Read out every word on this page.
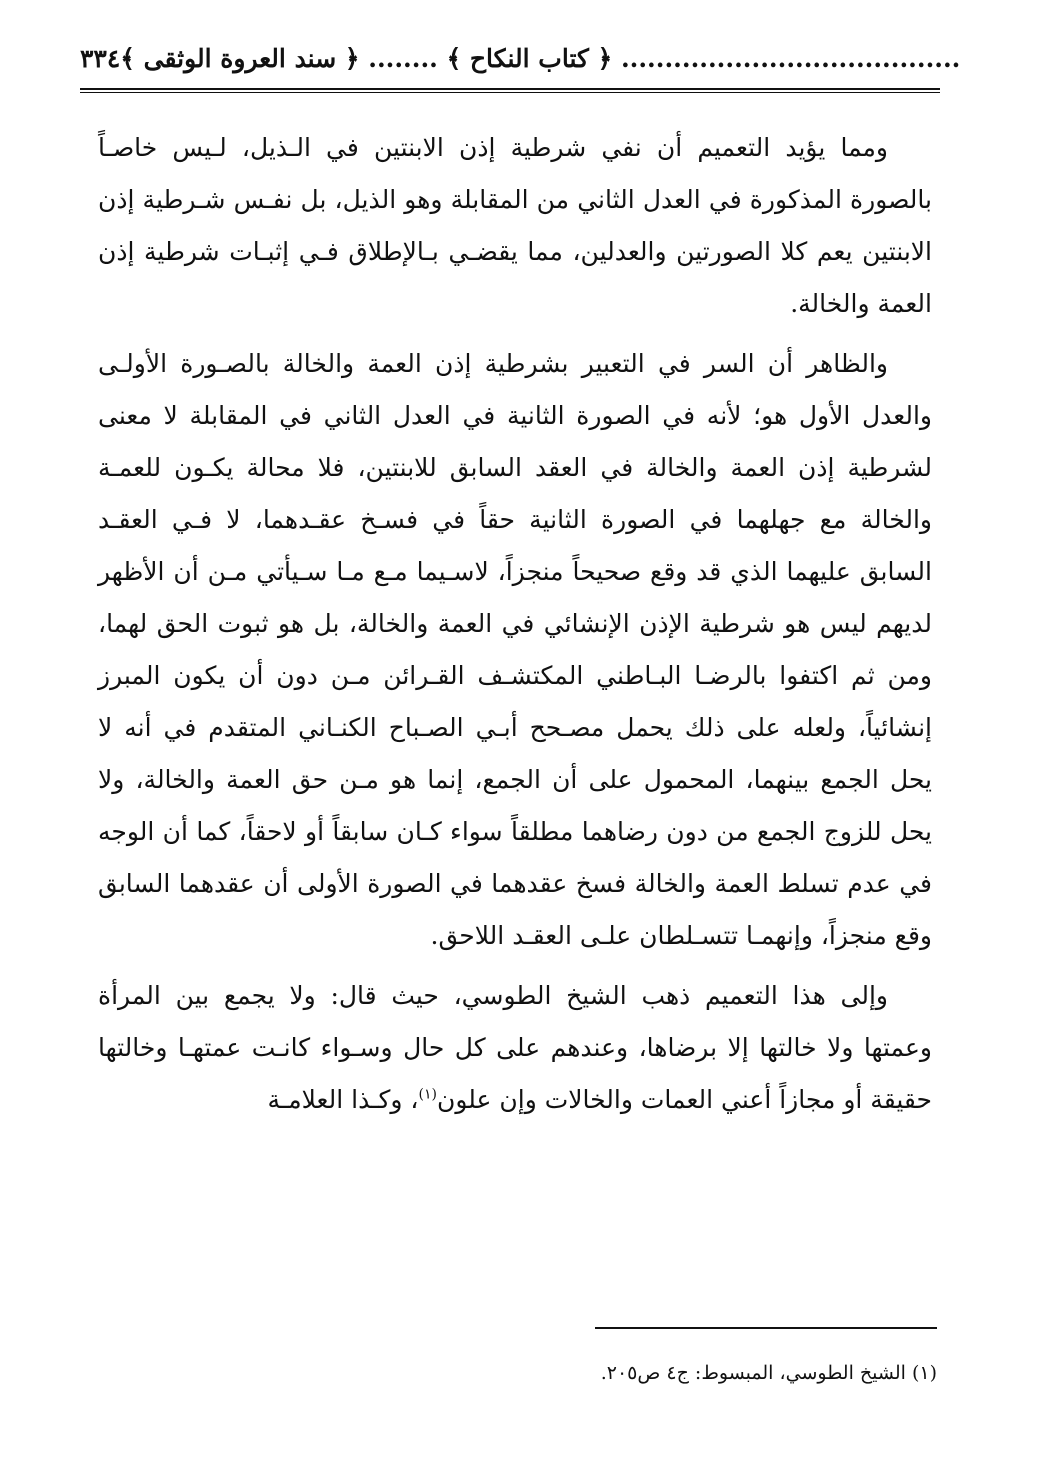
٣٣٤ ....................................... ﴿ كتاب النكاح ﴾ ........ ﴿ سند العروة الوثقى ﴾

ومما يؤيد التعميم أن نفي شرطية إذن الابنتين في الـذيل، لـيس خاصـاً بالصورة المذكورة في العدل الثاني من المقابلة وهو الذيل، بل نفـس شـرطية إذن الابنتين يعم كلا الصورتين والعدلين، مما يقضـي بـالإطلاق فـي إثبـات شرطية إذن العمة والخالة.

والظاهر أن السر في التعبير بشرطية إذن العمة والخالة بالصـورة الأولـى والعدل الأول هو؛ لأنه في الصورة الثانية في العدل الثاني في المقابلة لا معنى لشرطية إذن العمة والخالة في العقد السابق للابنتين، فلا محالة يكـون للعمـة والخالة مع جهلهما في الصورة الثانية حقاً في فسـخ عقـدهما، لا فـي العقـد السابق عليهما الذي قد وقع صحيحاً منجزاً، لاسـيما مـع مـا سـيأتي مـن أن الأظهر لديهم ليس هو شرطية الإذن الإنشائي في العمة والخالة، بل هو ثبوت الحق لهما، ومن ثم اكتفوا بالرضـا البـاطني المكتشـف القـرائن مـن دون أن يكون المبرز إنشائياً، ولعله على ذلك يحمل مصـحح أبـي الصـباح الكنـاني المتقدم في أنه لا يحل الجمع بينهما، المحمول على أن الجمع، إنما هو مـن حق العمة والخالة، ولا يحل للزوج الجمع من دون رضاهما مطلقاً سواء كـان سابقاً أو لاحقاً، كما أن الوجه في عدم تسلط العمة والخالة فسخ عقدهما في الصورة الأولى أن عقدهما السابق وقع منجزاً، وإنهمـا تتسـلطان علـى العقـد اللاحق.

وإلى هذا التعميم ذهب الشيخ الطوسي، حيث قال: ولا يجمع بين المرأة وعمتها ولا خالتها إلا برضاها، وعندهم على كل حال وسـواء كانـت عمتهـا وخالتها حقيقة أو مجازاً أعني العمات والخالات وإن علون$^{(١)}$، وكـذا العلامـة

(١) الشيخ الطوسي، المبسوط: ج٤ ص٢٠٥.
